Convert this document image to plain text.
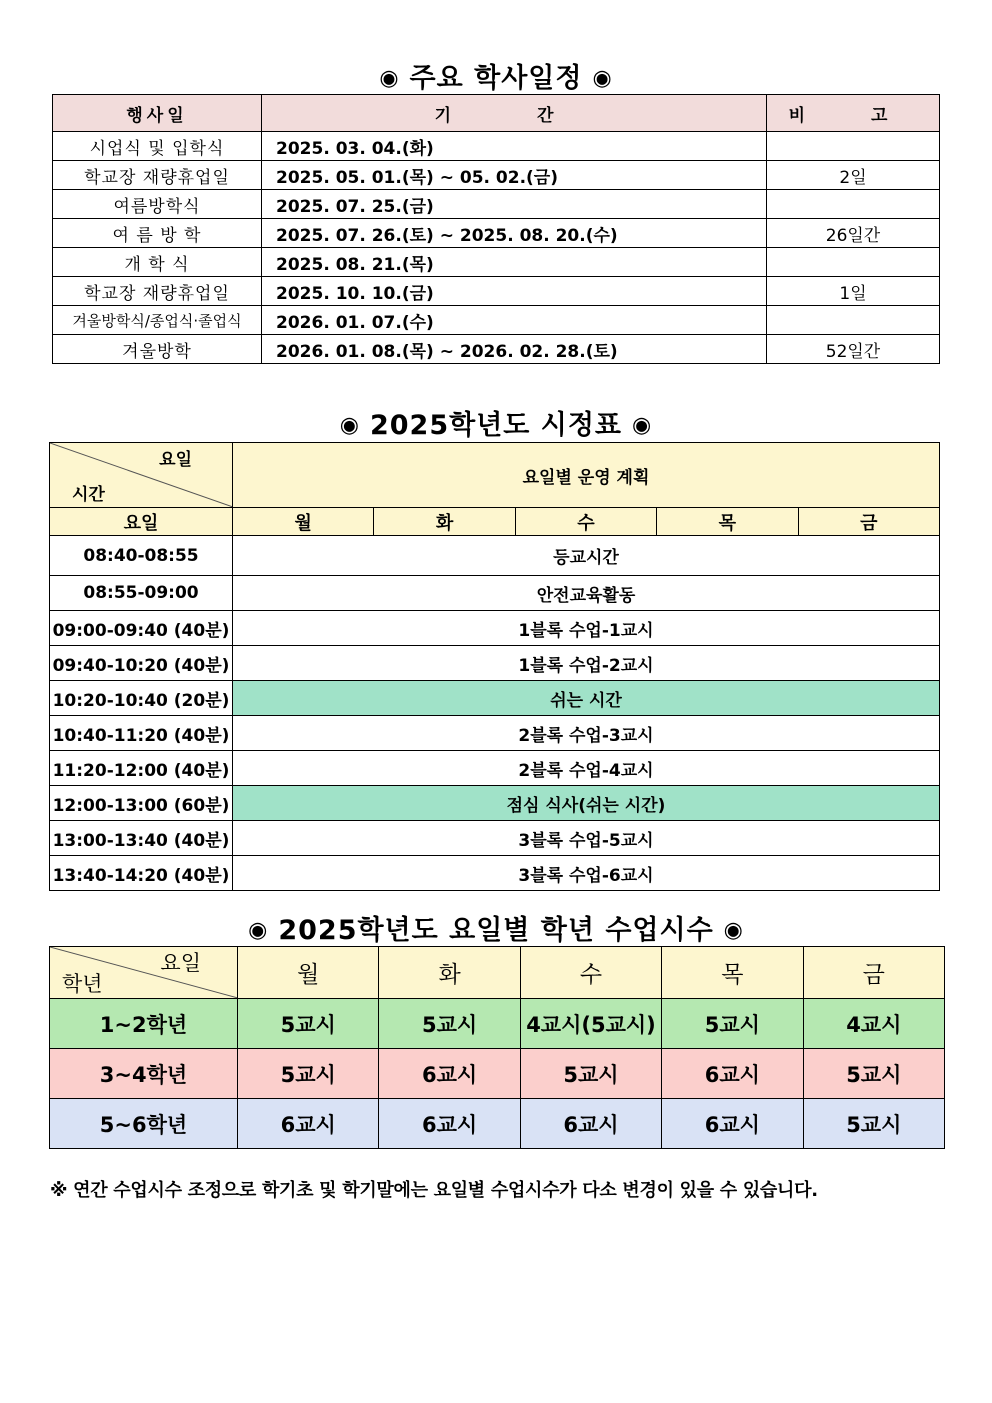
◉ 주요 학사일정 ◉
행사일	기 간	비 고
시업식 및 입학식	2025. 03. 04.(화)	
학교장 재량휴업일	2025. 05. 01.(목) ~ 05. 02.(금)	2일
여름방학식	2025. 07. 25.(금)	
여 름 방 학	2025. 07. 26.(토) ~ 2025. 08. 20.(수)	26일간
개 학 식	2025. 08. 21.(목)	
학교장 재량휴업일	2025. 10. 10.(금)	1일
겨울방학식/종업식·졸업식	2026. 01. 07.(수)	
겨울방학	2026. 01. 08.(목) ~ 2026. 02. 28.(토)	52일간
◉ 2025학년도 시정표 ◉
요일
시간	요일별 운영 계획				
요일	월	화	수	목	금
08:40-08:55	등교시간				
08:55-09:00	안전교육활동				
09:00-09:40 (40분)	1블록 수업-1교시				
09:40-10:20 (40분)	1블록 수업-2교시				
10:20-10:40 (20분)	쉬는 시간				
10:40-11:20 (40분)	2블록 수업-3교시				
11:20-12:00 (40분)	2블록 수업-4교시				
12:00-13:00 (60분)	점심 식사(쉬는 시간)				
13:00-13:40 (40분)	3블록 수업-5교시				
13:40-14:20 (40분)	3블록 수업-6교시				
◉ 2025학년도 요일별 학년 수업시수 ◉
요일
학년	월	화	수	목	금
1~2학년	5교시	5교시	4교시(5교시)	5교시	4교시
3~4학년	5교시	6교시	5교시	6교시	5교시
5~6학년	6교시	6교시	6교시	6교시	5교시
※ 연간 수업시수 조정으로 학기초 및 학기말에는 요일별 수업시수가 다소 변경이 있을 수 있습니다.
